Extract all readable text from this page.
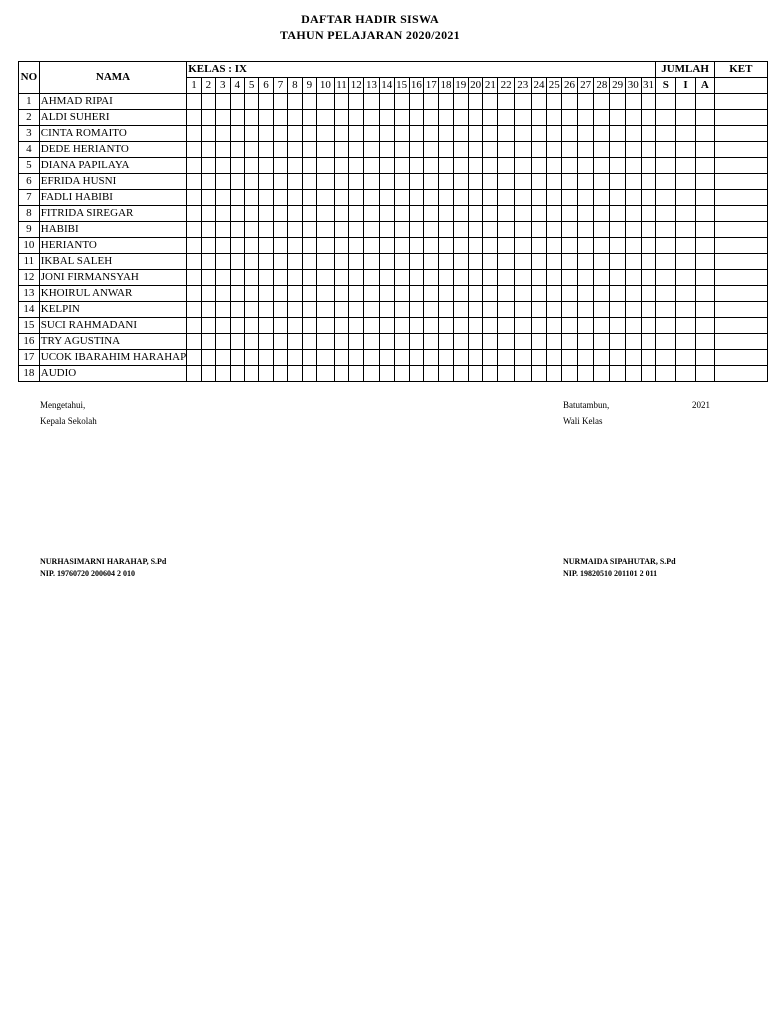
DAFTAR HADIR SISWA
TAHUN PELAJARAN 2020/2021
NO	NAMA	KELAS : IX																															JUMLAH			KET
		1	2	3	4	5	6	7	8	9	10	11	12	13	14	15	16	17	18	19	20	21	22	23	24	25	26	27	28	29	30	31	S	I	A	
1	AHMAD RIPAI																																			
2	ALDI SUHERI																																			
3	CINTA ROMAITO																																			
4	DEDE HERIANTO																																			
5	DIANA PAPILAYA																																			
6	EFRIDA HUSNI																																			
7	FADLI HABIBI																																			
8	FITRIDA SIREGAR																																			
9	HABIBI																																			
10	HERIANTO																																			
11	IKBAL SALEH																																			
12	JONI FIRMANSYAH																																			
13	KHOIRUL ANWAR																																			
14	KELPIN																																			
15	SUCI RAHMADANI																																			
16	TRY AGUSTINA																																			
17	UCOK IBARAHIM HARAHAP																																			
18	AUDIO																																			
Mengetahui,
Kepala Sekolah
NURHASIMARNI HARAHAP, S.Pd
NIP. 19760720 200604 2 010
Batutambun,	2021
Wali Kelas
NURMAIDA SIPAHUTAR, S.Pd
NIP. 19820510 201101 2 011
